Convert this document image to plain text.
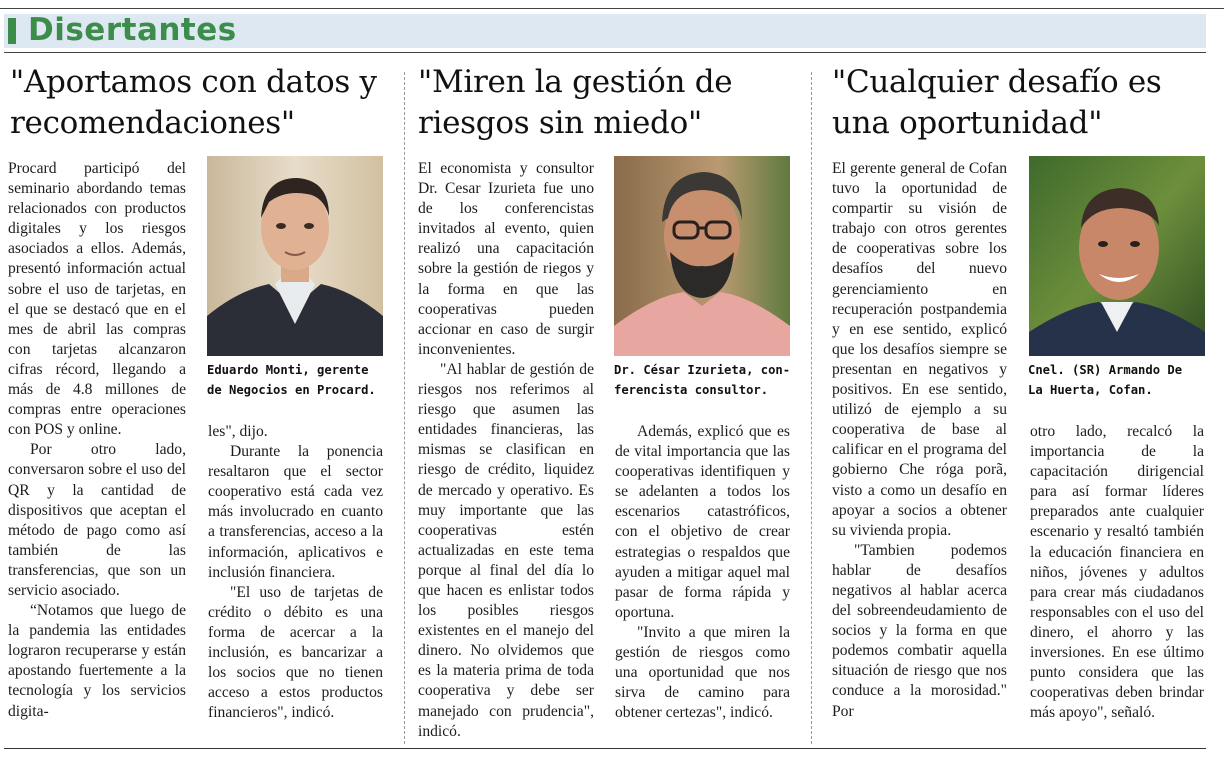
Disertantes
"Aportamos con datos y
recomendaciones"

Procard participó del seminario abordando temas relacionados con productos digitales y los riesgos asociados a ellos. Además, presentó información actual sobre el uso de tarjetas, en el que se destacó que en el mes de abril las compras con tarjetas alcanzaron cifras récord, llegando a más de 4.8 millones de compras entre operaciones con POS y online.

Por otro lado, conversaron sobre el uso del QR y la cantidad de dispositivos que aceptan el método de pago como así también de las transferencias, que son un servicio asociado.

“Notamos que luego de la pandemia las entidades lograron recuperarse y están apostando fuertemente a la tecnología y los servicios digita-

Eduardo Monti, gerente
de Negocios en Procard.

les", dijo.

Durante la ponencia resaltaron que el sector cooperativo está cada vez más involucrado en cuanto a transferencias, acceso a la información, aplicativos e inclusión financiera.

"El uso de tarjetas de crédito o débito es una forma de acercar a la inclusión, es bancarizar a los socios que no tienen acceso a estos productos financieros", indicó.

"Miren la gestión de
riesgos sin miedo"

El economista y consultor Dr. Cesar Izurieta fue uno de los conferencistas invitados al evento, quien realizó una capacitación sobre la gestión de riegos y la forma en que las cooperativas pueden accionar en caso de surgir inconvenientes.

"Al hablar de gestión de riesgos nos referimos al riesgo que asumen las entidades financieras, las mismas se clasifican en riesgo de crédito, liquidez de mercado y operativo. Es muy importante que las cooperativas estén actualizadas en este tema porque al final del día lo que hacen es enlistar todos los posibles riesgos existentes en el manejo del dinero. No olvidemos que es la materia prima de toda cooperativa y debe ser manejado con prudencia", indicó.

Dr. César Izurieta, con-
ferencista consultor.

Además, explicó que es de vital importancia que las cooperativas identifiquen y se adelanten a todos los escenarios catastróficos, con el objetivo de crear estrategias o respaldos que ayuden a mitigar aquel mal pasar de forma rápida y oportuna.

"Invito a que miren la gestión de riesgos como una oportunidad que nos sirva de camino para obtener certezas", indicó.

"Cualquier desafío es
una oportunidad"

El gerente general de Cofan tuvo la oportunidad de compartir su visión de trabajo con otros gerentes de cooperativas sobre los desafíos del nuevo gerenciamiento en recuperación postpandemia y en ese sentido, explicó que los desafíos siempre se presentan en negativos y positivos. En ese sentido, utilizó de ejemplo a su cooperativa de base al calificar en el programa del gobierno Che róga porã, visto a como un desafío en apoyar a socios a obtener su vivienda propia.

"Tambien podemos hablar de desafíos negativos al hablar acerca del sobreendeudamiento de socios y la forma en que podemos combatir aquella situación de riesgo que nos conduce a la morosidad." Por

Cnel. (SR) Armando De
La Huerta, Cofan.

otro lado, recalcó la importancia de la capacitación dirigencial para así formar líderes preparados ante cualquier escenario y resaltó también la educación financiera en niños, jóvenes y adultos para crear más ciudadanos responsables con el uso del dinero, el ahorro y las inversiones. En ese último punto considera que las cooperativas deben brindar más apoyo", señaló.
